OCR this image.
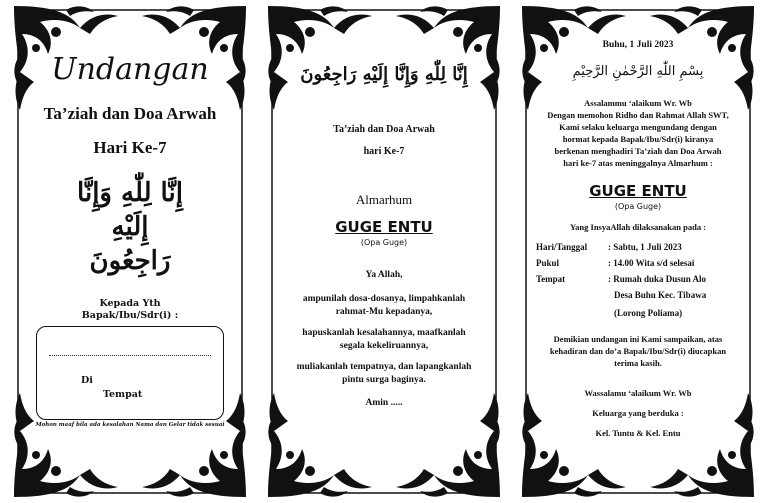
Undangan
Ta’ziah dan Doa Arwah
Hari Ke-7
إِنَّا لِلّٰهِ وَإِنَّا إِلَيْهِ رَاجِعُونَ
Kepada Yth
Bapak/Ibu/Sdr(i) :
Di
Tempat
Mohon maaf bila ada kesalahan Nama dan Gelar tidak sesuai
إِنَّا لِلّٰهِ وَإِنَّا إِلَيْهِ رَاجِعُونَ
Ta’ziah dan Doa Arwah
hari Ke-7
Almarhum
GUGE ENTU
(Opa Guge)
Ya Allah,
ampunilah dosa-dosanya, limpahkanlah
rahmat-Mu kepadanya,
hapuskanlah kesalahannya, maafkanlah
segala kekeliruannya,
muliakanlah tempatnya, dan lapangkanlah
pintu surga baginya.
Amin .....
Buhu, 1 Juli 2023
بِسْمِ اللّٰهِ الرَّحْمٰنِ الرَّحِيْمِ
Assalammu ‘alaikum Wr. Wb
Dengan memohon Ridho dan Rahmat Allah SWT,
Kami selaku keluarga mengundang dengan
hormat kepada Bapak/Ibu/Sdr(i) kiranya
berkenan menghadiri Ta’ziah dan Doa Arwah
hari ke-7 atas meninggalnya Almarhum :
GUGE ENTU
(Opa Guge)
Yang InsyaAllah dilaksanakan pada :
Hari/Tanggal	: Sabtu, 1 Juli 2023
Pukul	: 14.00 Wita s/d selesai
Tempat	: Rumah duka Dusun Alo
Desa Buhu Kec. Tibawa
(Lorong Poliama)
Demikian undangan ini Kami sampaikan, atas
kehadiran dan do’a Bapak/Ibu/Sdr(i) diucapkan
terima kasih.
Wassalamu ‘alaikum Wr. Wb
Keluarga yang berduka :
Kel. Tuntu & Kel. Entu
